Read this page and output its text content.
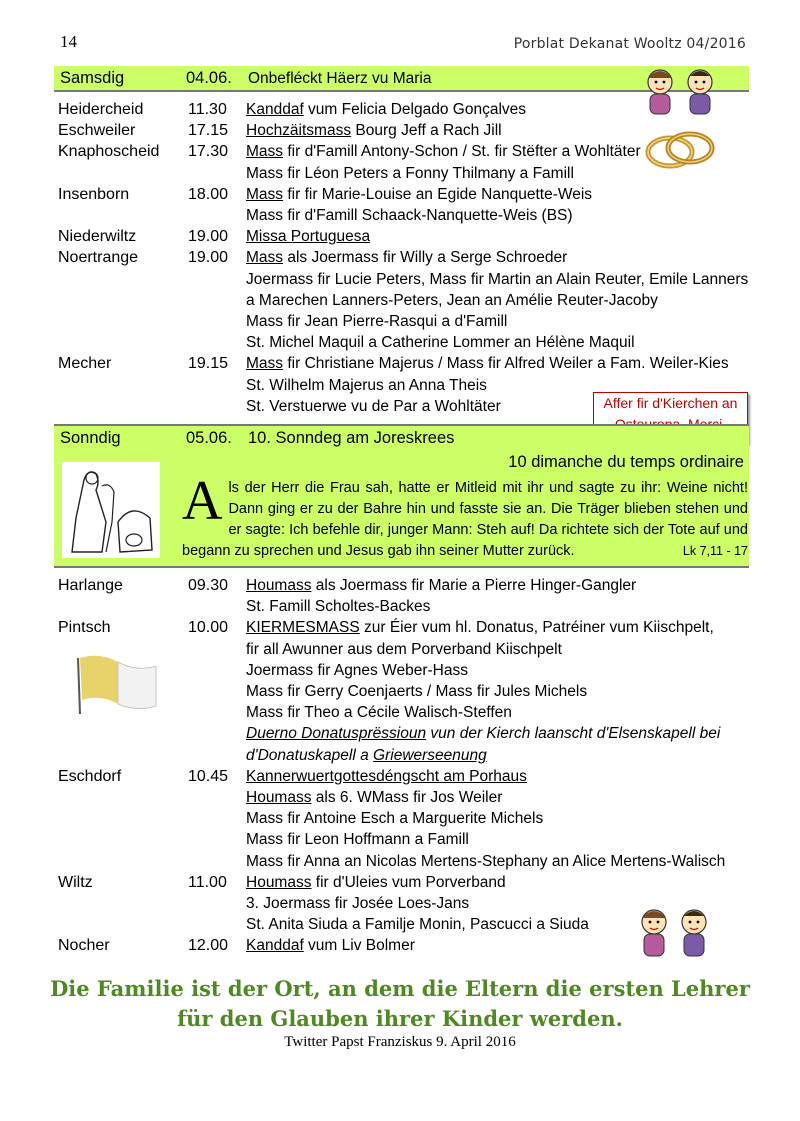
14	Porblat Dekanat Wooltz 04/2016
Samsdig	04.06. Onbefléckt Häerz vu Maria
Heidercheid	11.30 Kanddaf vum Felicia Delgado Gonçalves
Eschweiler	17.15 Hochzäitsmass Bourg Jeff a Rach Jill
Knaphoscheid 17.30 Mass fir d'Famill Antony-Schon / St. fir Stëfter a Wohltäter
Mass fir Léon Peters a Fonny Thilmany a Famill
Insenborn	18.00 Mass fir fir Marie-Louise an Egide Nanquette-Weis
Mass fir d'Famill Schaack-Nanquette-Weis (BS)
Niederwiltz	19.00 Missa Portuguesa
Noertrange	19.00 Mass als Joermass fir Willy a Serge Schroeder
Joermass fir Lucie Peters, Mass fir Martin an Alain Reuter, Emile Lanners
a Marechen Lanners-Peters, Jean an Amélie Reuter-Jacoby
Mass fir Jean Pierre-Rasqui a d'Famill
St. Michel Maquil a Catherine Lommer an Hélène Maquil
Mecher	19.15 Mass fir Christiane Majerus / Mass fir Alfred Weiler a Fam. Weiler-Kies
St. Wilhelm Majerus an Anna Theis
St. Verstuerwe vu de Par a Wohltäter	Affer fir d'Kierchen an
Sonndig	05.06. 10. Sonndeg am Joreskrees
10 dimanche du temps ordinaire
Als der Herr die Frau sah, hatte er Mitleid mit ihr und sagte zu ihr: Weine nicht! Dann ging er zu der Bahre hin und fasste sie an. Die Träger blieben stehen und er sagte: Ich befehle dir, junger Mann: Steh auf! Da richtete sich der Tote auf und begann zu sprechen und Jesus gab ihn seiner Mutter zurück.	Lk 7,11 - 17
Harlange	09.30 Houmass als Joermass fir Marie a Pierre Hinger-Gangler
St. Famill Scholtes-Backes
Pintsch	10.00 KIERMESMASS zur Éier vum hl. Donatus, Patréiner vum Kiischpelt,
fir all Awunner aus dem Porverband Kiischpelt
Joermass fir Agnes Weber-Hass
Mass fir Gerry Coenjaerts / Mass fir Jules Michels
Mass fir Theo a Cécile Walisch-Steffen
Duerno Donatusprëssioun vun der Kierch laanscht d'Elsenskapell bei
d'Donatuskapell a Griewerseenung
Eschdorf	10.45 Kannerwuertgottesdéngscht am Porhaus
Houmass als 6. WMass fir Jos Weiler
Mass fir Antoine Esch a Marguerite Michels
Mass fir Leon Hoffmann a Famill
Mass fir Anna an Nicolas Mertens-Stephany an Alice Mertens-Walisch
Wiltz	11.00 Houmass fir d'Uleies vum Porverband
3. Joermass fir Josée Loes-Jans
St. Anita Siuda a Familje Monin, Pascucci a Siuda
Nocher	12.00 Kanddaf vum Liv Bolmer
Die Familie ist der Ort, an dem die Eltern die ersten Lehrer
für den Glauben ihrer Kinder werden.
Twitter Papst Franziskus 9. April 2016
